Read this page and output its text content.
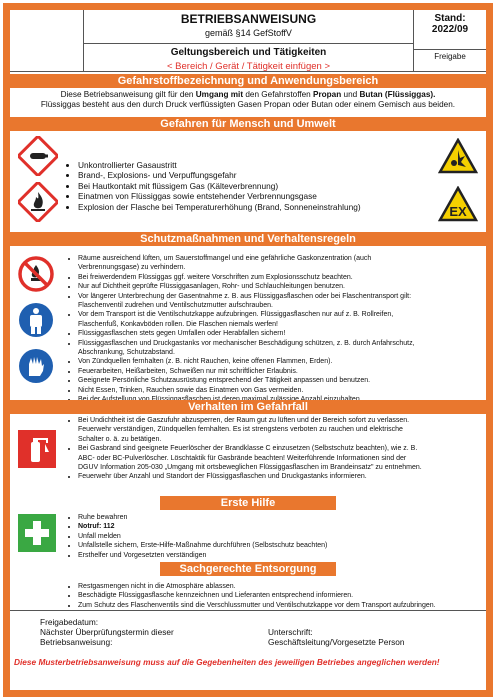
BETRIEBSANWEISUNG
gemäß §14 GefStoffV
Geltungsbereich und Tätigkeiten
< Bereich / Gerät / Tätigkeit einfügen >
Stand:
2022/09
Freigabe
Gefahrstoffbezeichnung und Anwendungsbereich
Diese Betriebsanweisung gilt für den Umgang mit den Gefahrstoffen Propan und Butan (Flüssiggas).
Flüssiggas besteht aus den durch Druck verflüssigten Gasen Propan oder Butan oder einem Gemisch aus beiden.
Gefahren für Mensch und Umwelt
• Unkontrollierter Gasaustritt
• Brand-, Explosions- und Verpuffungsgefahr
• Bei Hautkontakt mit flüssigem Gas (Kälteverbrennung)
• Einatmen von Flüssiggas sowie entstehender Verbrennungsgase
• Explosion der Flasche bei Temperaturerhöhung (Brand, Sonneneinstrahlung)	EX
Schutzmaßnahmen und Verhaltensregeln
• Räume ausreichend lüften, um Sauerstoffmangel und eine gefährliche Gaskonzentration (auch Verbrennungsgase) zu verhindern.
• Bei freiwerdendem Flüssiggas ggf. weitere Vorschriften zum Explosionsschutz beachten.
• Nur auf Dichtheit geprüfte Flüssiggasanlagen, Rohr- und Schlauchleitungen benutzen.
• Vor längerer Unterbrechung der Gasentnahme z. B. aus Flüssiggasflaschen oder bei Flaschentransport gilt: Flaschenventil zudrehen und Ventilschutzmutter aufschrauben.
• Vor dem Transport ist die Ventilschutzkappe aufzubringen. Flüssiggasflaschen nur auf z. B. Rollreifen, Flaschenfuß, Konkavböden rollen. Die Flaschen niemals werfen!
• Flüssiggasflaschen stets gegen Umfallen oder Herabfallen sichern!
• Flüssiggasflaschen und Druckgastanks vor mechanischer Beschädigung schützen, z. B. durch Anfahrschutz, Abschrankung, Schutzabstand.
• Von Zündquellen fernhalten (z. B. nicht Rauchen, keine offenen Flammen, Erden).
• Feuerarbeiten, Heißarbeiten, Schweißen nur mit schriftlicher Erlaubnis.
• Geeignete Persönliche Schutzausrüstung entsprechend der Tätigkeit anpassen und benutzen.
• Nicht Essen, Trinken, Rauchen sowie das Einatmen von Gas vermeiden.
•
Verhalten im Gefahrfall
• Bei Undichtheit ist die Gaszufuhr abzusperren, der Raum gut zu lüften und der Bereich sofort zu verlassen. Feuerwehr verständigen, Zündquellen fernhalten. Es ist strengstens verboten zu rauchen und elektrische Schalter o. ä. zu betätigen.
• Bei Gasbrand sind geeignete Feuerlöscher der Brandklasse C einzusetzen (Selbstschutz beachten), wie z. B. ABC- oder BC-Pulverlöscher. Löschtaktik für Gasbrände beachten! Weiterführende Informationen sind der DGUV Information 205-030 „Umgang mit ortsbeweglichen Flüssiggasflaschen im Brandeinsatz" zu entnehmen.
• Feuerwehr über Anzahl und Standort der Flüssiggasflaschen und Druckgastanks informieren.
Erste Hilfe
• Ruhe bewahren
• Notruf: 112
• Unfall melden
• Unfallstelle sichern, Erste-Hilfe-Maßnahme durchführen (Selbstschutz beachten)
• Ersthelfer und Vorgesetzten verständigen
Sachgerechte Entsorgung
• Restgasmengen nicht in die Atmosphäre ablassen.
• Beschädigte Flüssiggasflasche kennzeichnen und Lieferanten entsprechend informieren.
• Zum Schutz des Flaschenventils sind die Verschlussmutter und Ventilschutzkappe vor dem Transport aufzubringen.
Freigabedatum:
Nächster Überprüfungstermin dieser
Betriebsanweisung:
Unterschrift:
Geschäftsleitung/Vorgesetzte Person
Diese Musterbetriebsanweisung muss auf die Gegebenheiten des jeweiligen Betriebes angeglichen werden!
